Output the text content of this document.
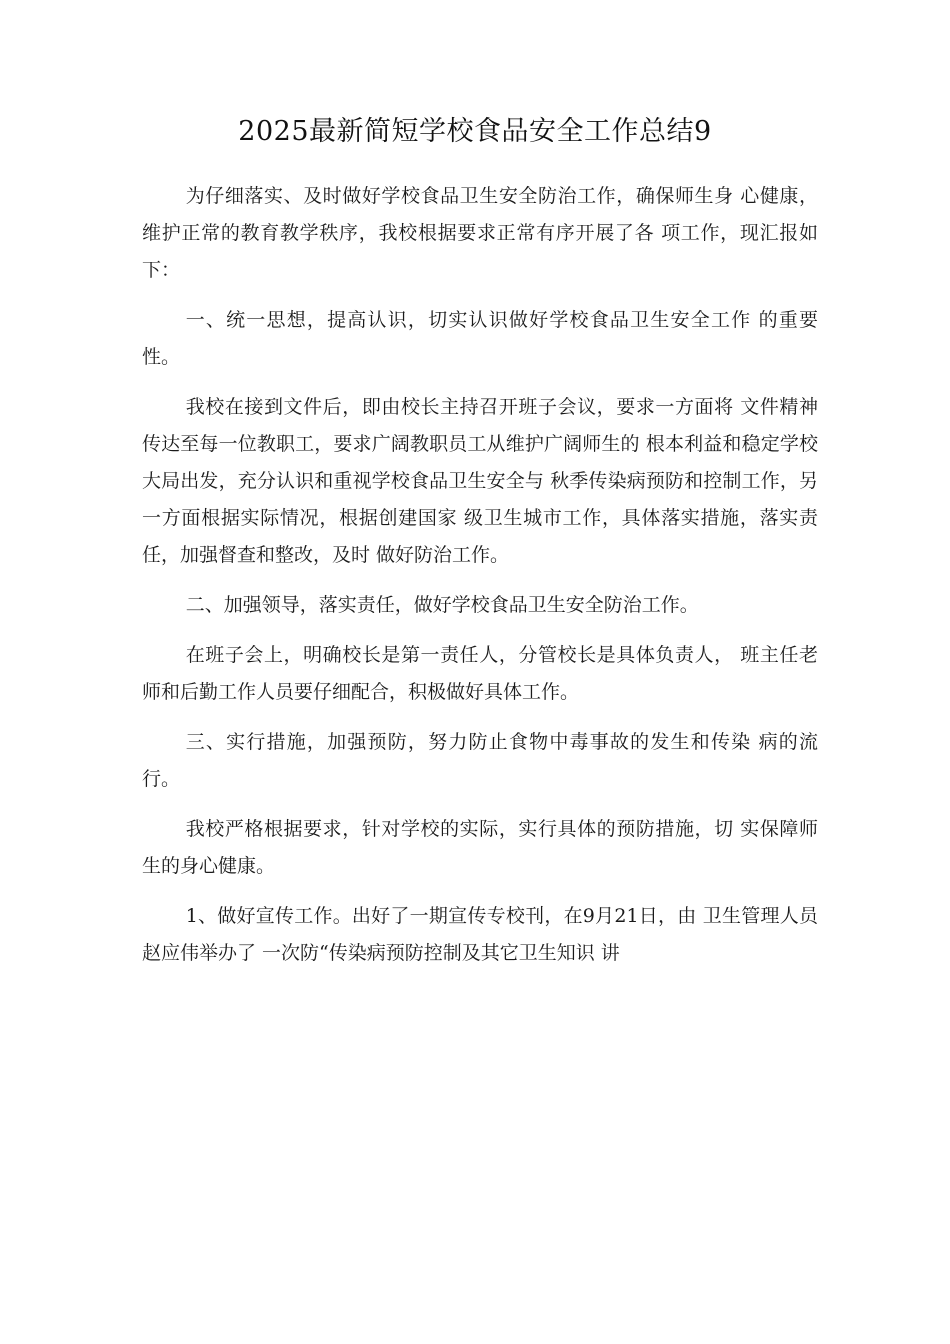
2025最新简短学校食品安全工作总结9

为仔细落实、及时做好学校食品卫生安全防治工作，确保师生身 心健康，维护正常的教育教学秩序，我校根据要求正常有序开展了各 项工作，现汇报如下：

一、统一思想，提高认识，切实认识做好学校食品卫生安全工作 的重要性。

我校在接到文件后，即由校长主持召开班子会议，要求一方面将 文件精神传达至每一位教职工，要求广阔教职员工从维护广阔师生的 根本利益和稳定学校大局出发，充分认识和重视学校食品卫生安全与 秋季传染病预防和控制工作，另一方面根据实际情况，根据创建国家 级卫生城市工作，具体落实措施，落实责任，加强督查和整改，及时 做好防治工作。

二、加强领导，落实责任，做好学校食品卫生安全防治工作。

在班子会上，明确校长是第一责任人，分管校长是具体负责人， 班主任老师和后勤工作人员要仔细配合，积极做好具体工作。

三、实行措施，加强预防，努力防止食物中毒事故的发生和传染 病的流行。

我校严格根据要求，针对学校的实际，实行具体的预防措施，切 实保障师生的身心健康。

1、做好宣传工作。出好了一期宣传专校刊，在9月21日，由 卫生管理人员赵应伟举办了 一次防“传染病预防控制及其它卫生知识 讲
